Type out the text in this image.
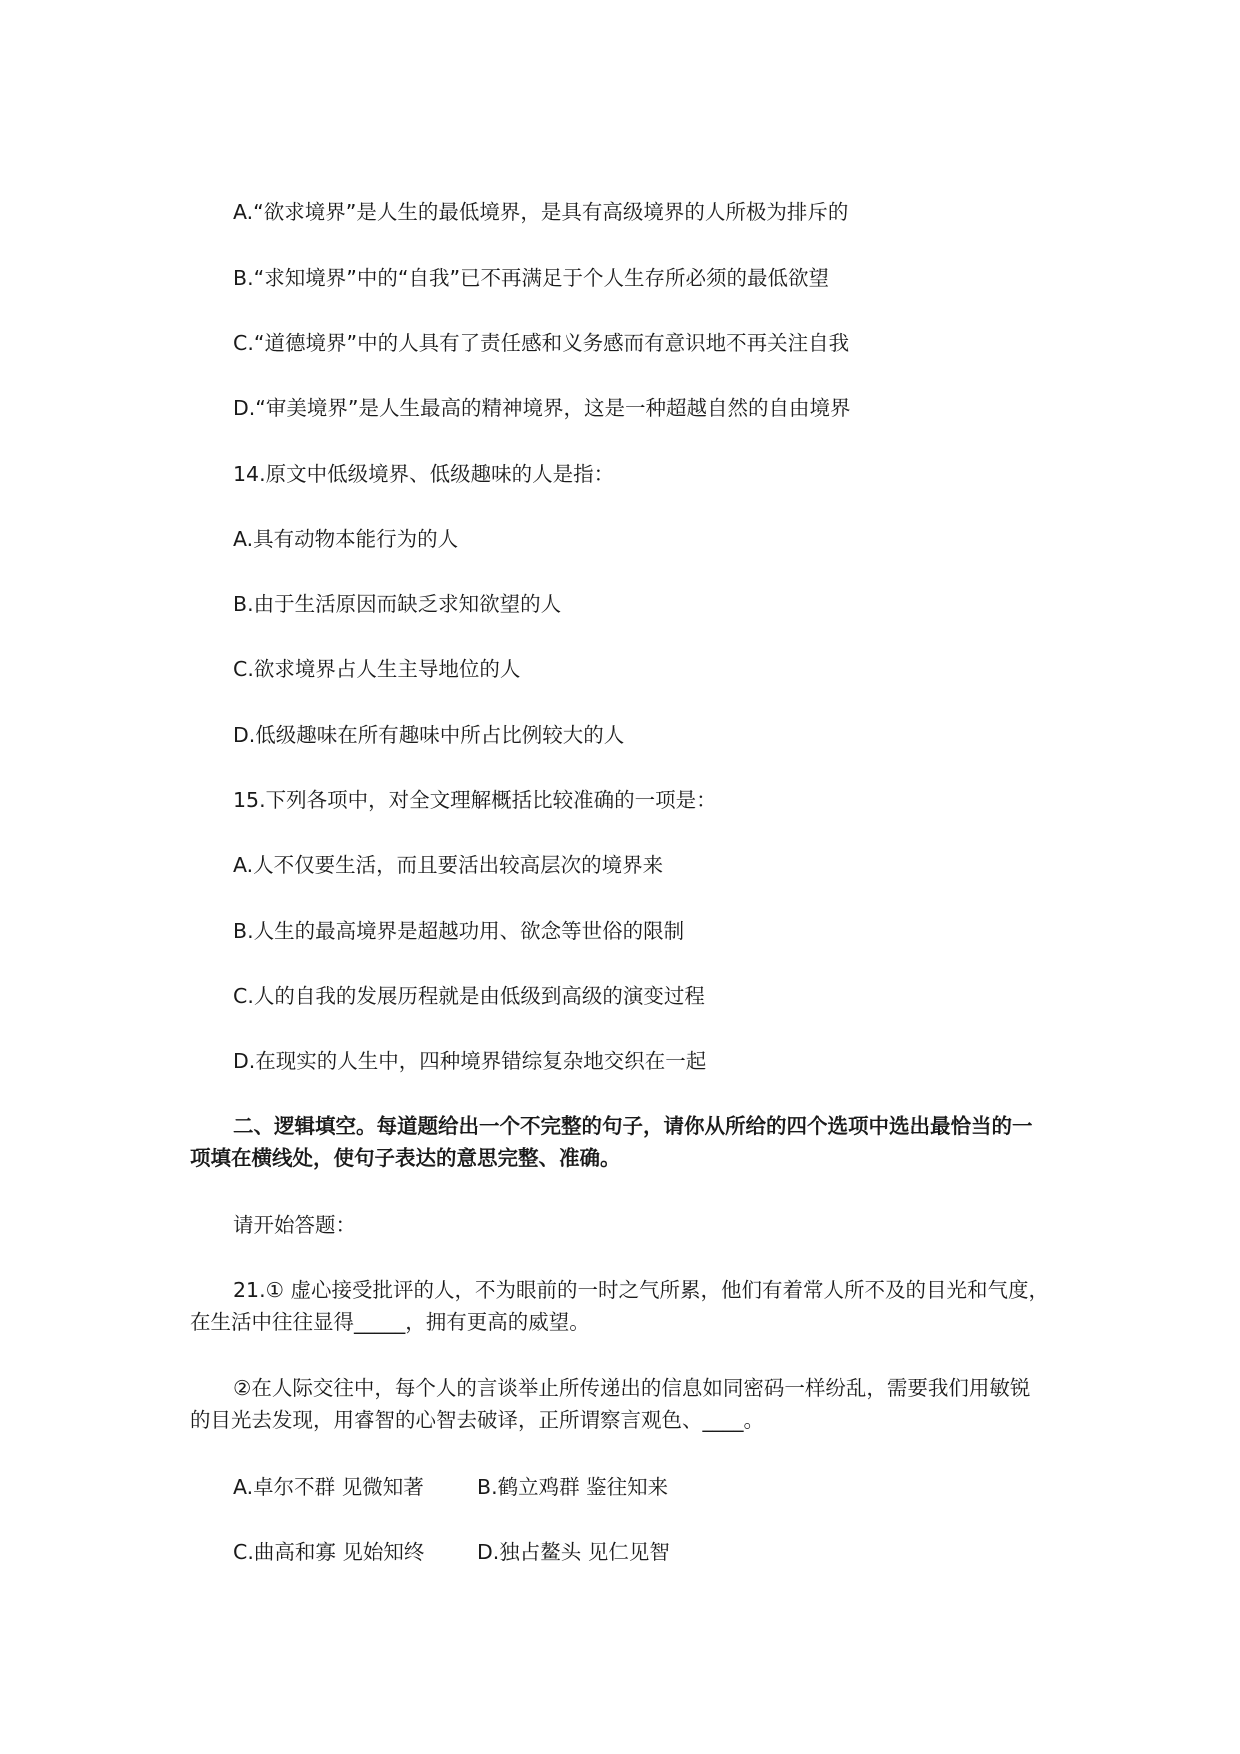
A.“欲求境界”是人生的最低境界，是具有高级境界的人所极为排斥的
B.“求知境界”中的“自我”已不再满足于个人生存所必须的最低欲望
C.“道德境界”中的人具有了责任感和义务感而有意识地不再关注自我
D.“审美境界”是人生最高的精神境界，这是一种超越自然的自由境界
14.原文中低级境界、低级趣味的人是指：
A.具有动物本能行为的人
B.由于生活原因而缺乏求知欲望的人
C.欲求境界占人生主导地位的人
D.低级趣味在所有趣味中所占比例较大的人
15.下列各项中，对全文理解概括比较准确的一项是：
A.人不仅要生活，而且要活出较高层次的境界来
B.人生的最高境界是超越功用、欲念等世俗的限制
C.人的自我的发展历程就是由低级到高级的演变过程
D.在现实的人生中，四种境界错综复杂地交织在一起
二、逻辑填空。每道题给出一个不完整的句子，请你从所给的四个选项中选出最恰当的一项填在横线处，使句子表达的意思完整、准确。
请开始答题：
21.① 虚心接受批评的人，不为眼前的一时之气所累，他们有着常人所不及的目光和气度，在生活中往往显得_____，拥有更高的威望。
②在人际交往中，每个人的言谈举止所传递出的信息如同密码一样纷乱，需要我们用敏锐的目光去发现，用睿智的心智去破译，正所谓察言观色、____。
A.卓尔不群 见微知著	B.鹤立鸡群 鉴往知来
C.曲高和寡 见始知终	D.独占鳌头 见仁见智
